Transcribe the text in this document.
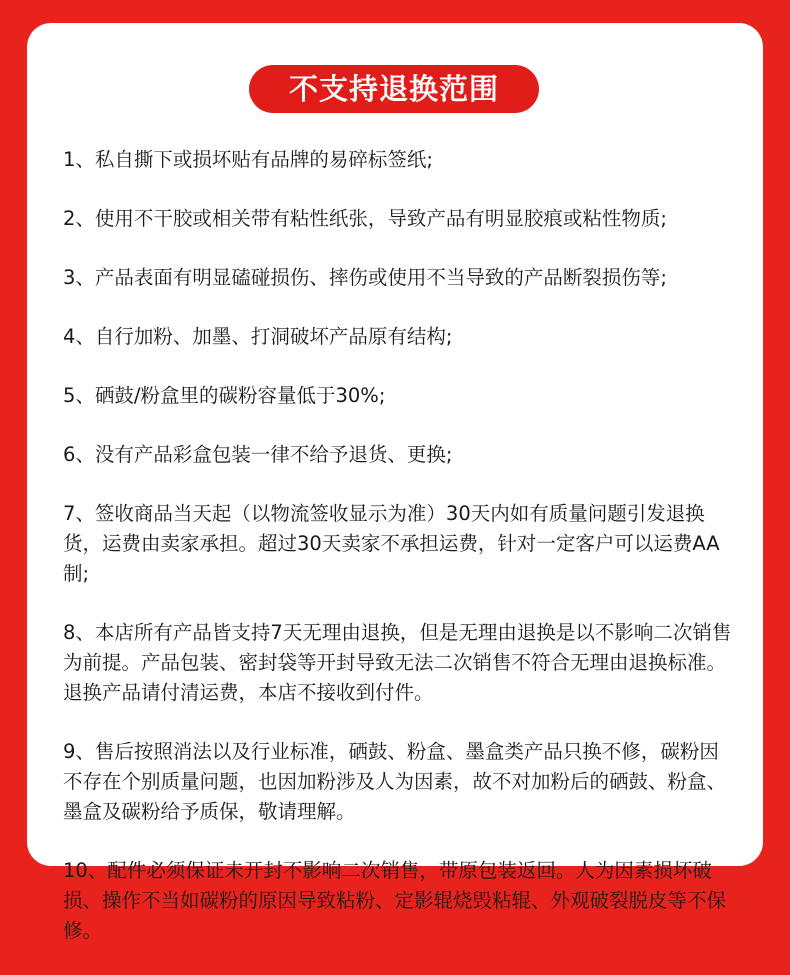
不支持退换范围
1、私自撕下或损坏贴有品牌的易碎标签纸;
2、使用不干胶或相关带有粘性纸张，导致产品有明显胶痕或粘性物质;
3、产品表面有明显磕碰损伤、摔伤或使用不当导致的产品断裂损伤等;
4、自行加粉、加墨、打洞破坏产品原有结构;
5、硒鼓/粉盒里的碳粉容量低于30%;
6、没有产品彩盒包装一律不给予退货、更换;
7、签收商品当天起（以物流签收显示为准）30天内如有质量问题引发退换货，运费由卖家承担。超过30天卖家不承担运费，针对一定客户可以运费AA制;
8、本店所有产品皆支持7天无理由退换，但是无理由退换是以不影响二次销售为前提。产品包装、密封袋等开封导致无法二次销售不符合无理由退换标准。退换产品请付清运费，本店不接收到付件。
9、售后按照消法以及行业标准，硒鼓、粉盒、墨盒类产品只换不修，碳粉因不存在个别质量问题，也因加粉涉及人为因素，故不对加粉后的硒鼓、粉盒、墨盒及碳粉给予质保，敬请理解。
10、配件必须保证未开封不影响二次销售，带原包装返回。人为因素损坏破损、操作不当如碳粉的原因导致粘粉、定影辊烧毁粘辊、外观破裂脱皮等不保修。
